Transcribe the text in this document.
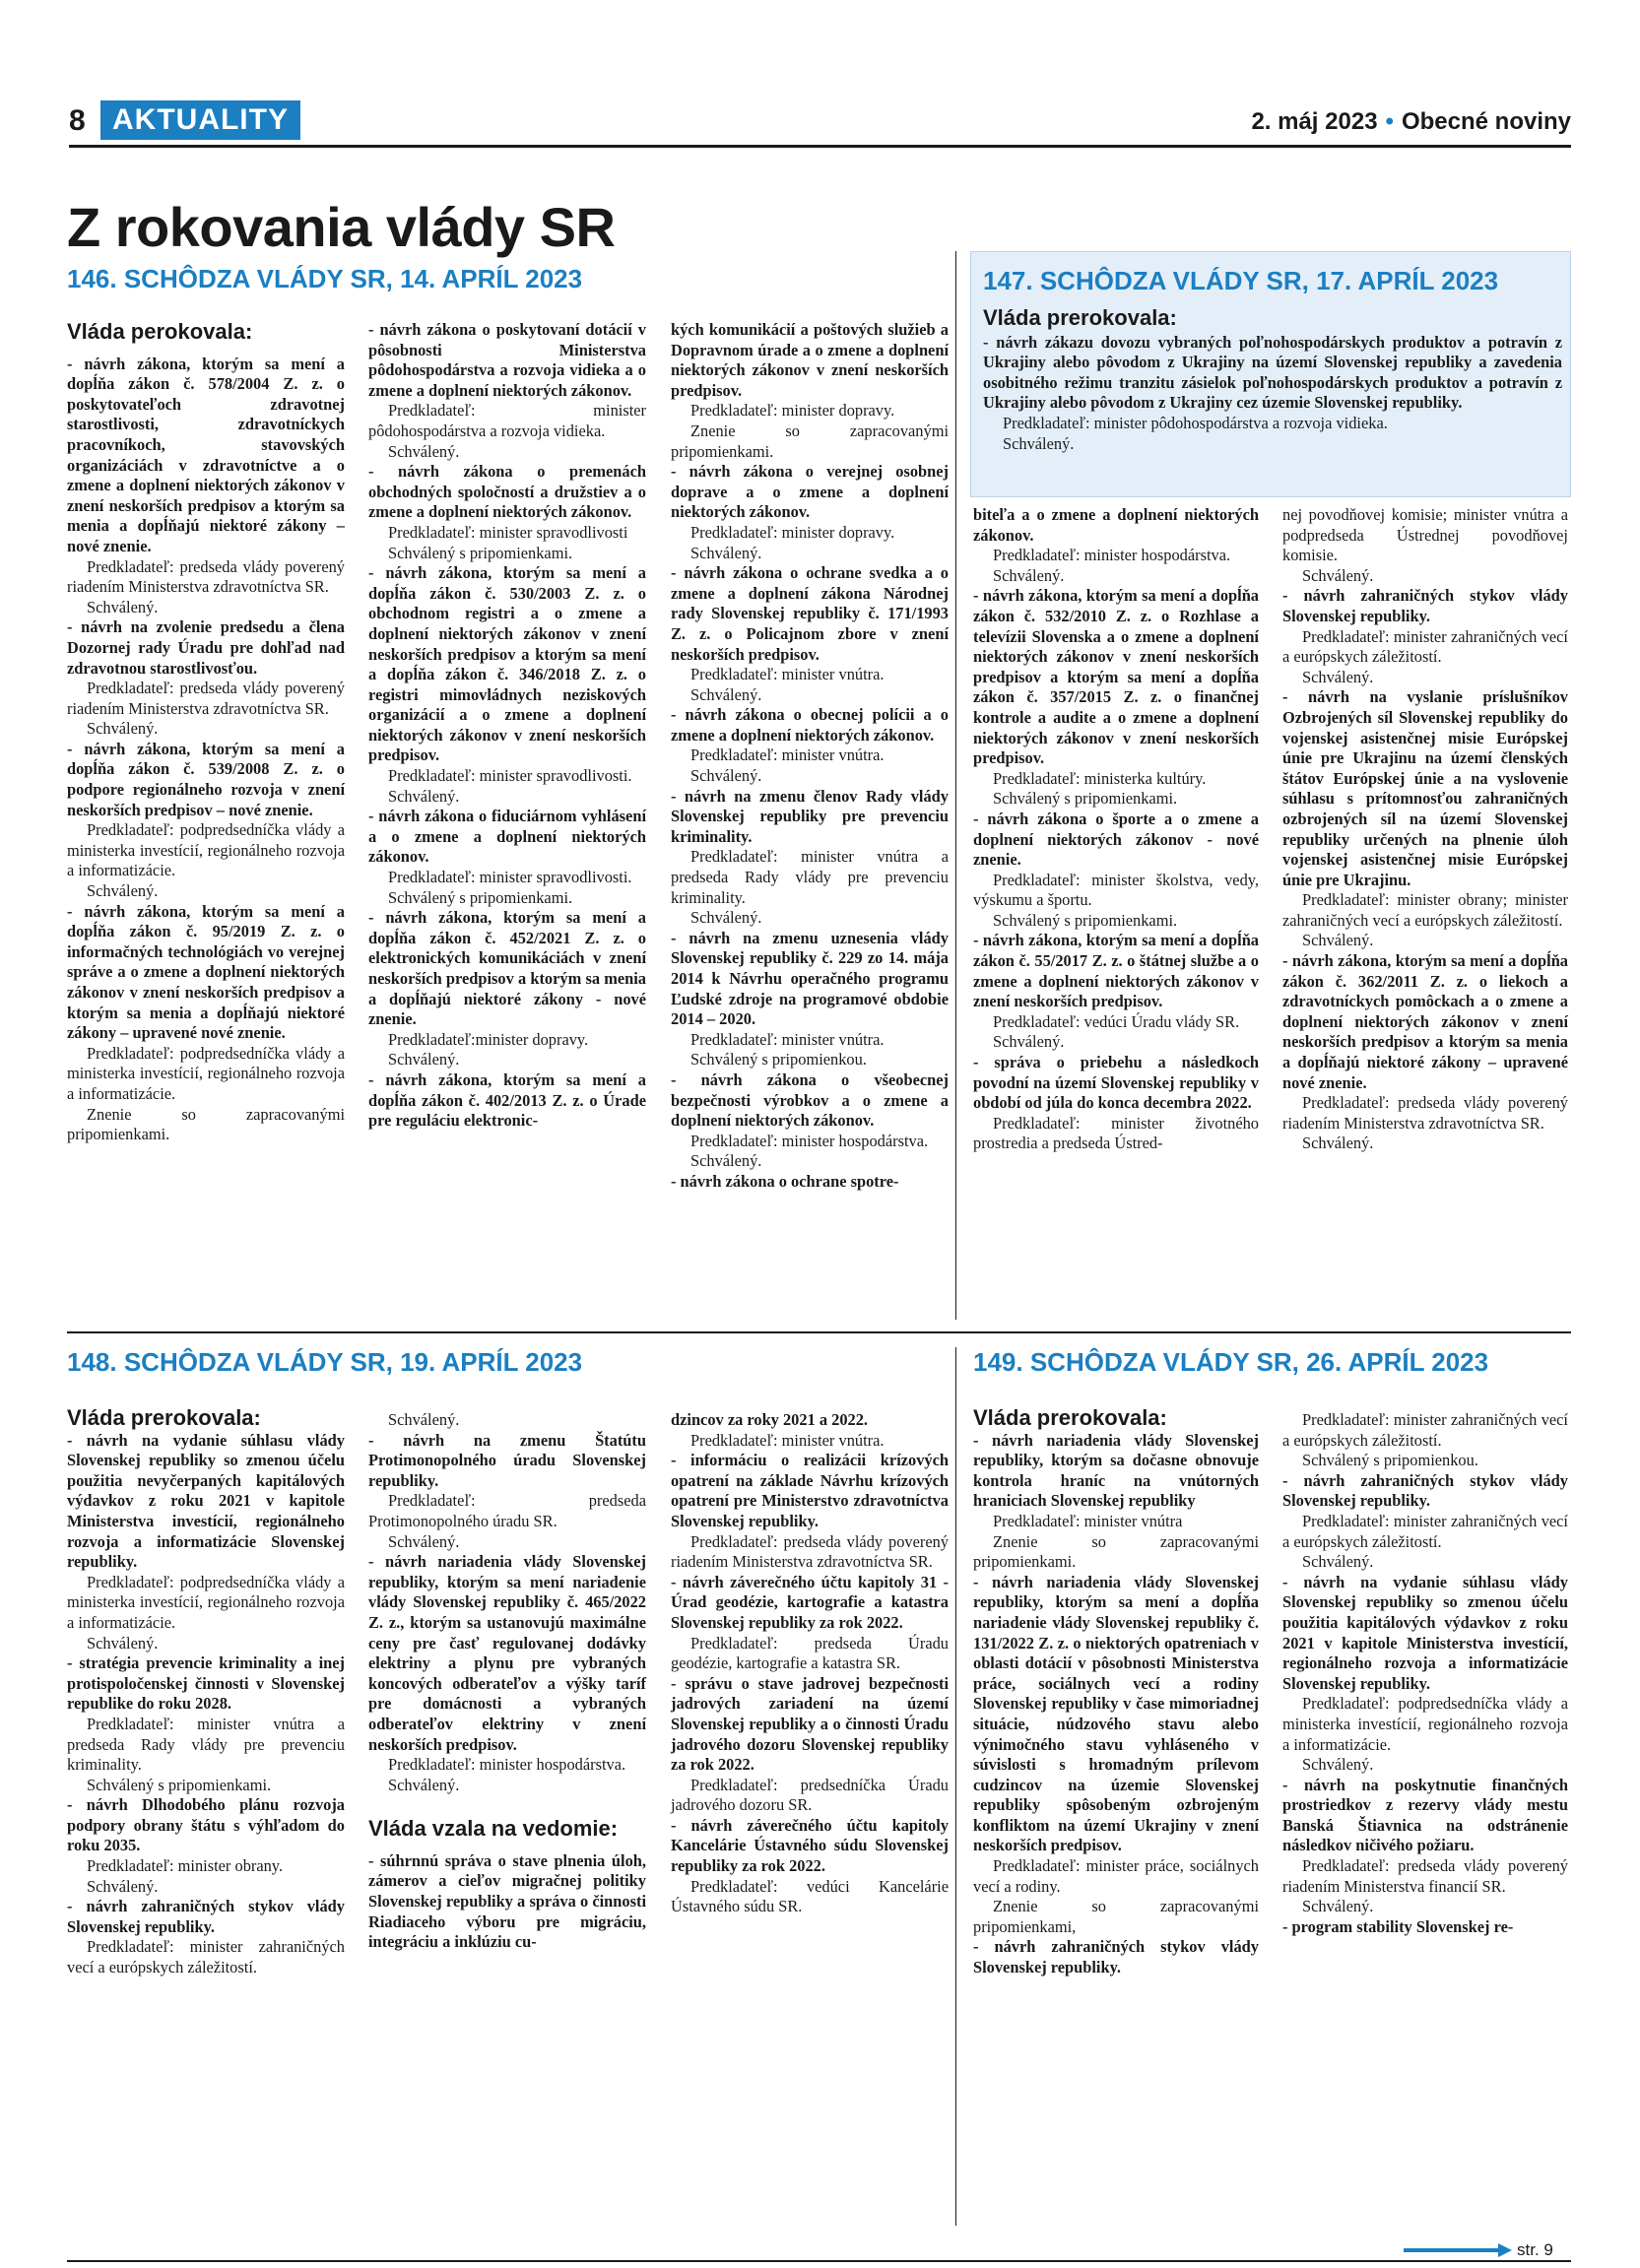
8 AKTUALITY	2. máj 2023 • Obecné noviny
Z rokovania vlády SR
146. SCHÔDZA VLÁDY SR, 14. APRÍL 2023
Vláda perokovala:

- návrh zákona, ktorým sa mení a dopĺňa zákon č. 578/2004 Z. z. o poskytovateľoch zdravotnej starostlivosti, zdravotníckych pracovníkoch, stavovských organizáciách v zdravotníctve a o zmene a doplnení niektorých zákonov v znení neskorších predpisov a ktorým sa menia a dopĺňajú niektoré zákony – nové znenie.

Predkladateľ: predseda vlády poverený riadením Ministerstva zdravotníctva SR.

Schválený.

- návrh na zvolenie predsedu a člena Dozornej rady Úradu pre dohľad nad zdravotnou starostlivosťou.

Predkladateľ: predseda vlády poverený riadením Ministerstva zdravotníctva SR.

Schválený.

- návrh zákona, ktorým sa mení a dopĺňa zákon č. 539/2008 Z. z. o podpore regionálneho rozvoja v znení neskorších predpisov – nové znenie.

Predkladateľ: podpredsedníčka vlády a ministerka investícií, regionálneho rozvoja a informatizácie.

Schválený.

- návrh zákona, ktorým sa mení a dopĺňa zákon č. 95/2019 Z. z. o informačných technológiách vo verejnej správe a o zmene a doplnení niektorých zákonov v znení neskorších predpisov a ktorým sa menia a dopĺňajú niektoré zákony – upravené nové znenie.

Predkladateľ: podpredsedníčka vlády a ministerka investícií, regionálneho rozvoja a informatizácie.

Znenie so zapracovanými pripomienkami.

- návrh zákona o poskytovaní dotácií v pôsobnosti Ministerstva pôdohospodárstva a rozvoja vidieka a o zmene a doplnení niektorých zákonov.

Predkladateľ: minister pôdohospodárstva a rozvoja vidieka.

Schválený.

- návrh zákona o premenách obchodných spoločností a družstiev a o zmene a doplnení niektorých zákonov.

Predkladateľ: minister spravodlivosti

Schválený s pripomienkami.

- návrh zákona, ktorým sa mení a dopĺňa zákon č. 530/2003 Z. z. o obchodnom registri a o zmene a doplnení niektorých zákonov v znení neskorších predpisov a ktorým sa mení a dopĺňa zákon č. 346/2018 Z. z. o registri mimovládnych neziskových organizácií a o zmene a doplnení niektorých zákonov v znení neskorších predpisov.

Predkladateľ: minister spravodlivosti.

Schválený.

- návrh zákona o fiduciárnom vyhlásení a o zmene a doplnení niektorých zákonov.

Predkladateľ: minister spravodlivosti.

Schválený s pripomienkami.

- návrh zákona, ktorým sa mení a dopĺňa zákon č. 452/2021 Z. z. o elektronických komunikáciách v znení neskorších predpisov a ktorým sa menia a dopĺňajú niektoré zákony - nové znenie.

Predkladateľ:minister dopravy.

Schválený.

- návrh zákona, ktorým sa mení a dopĺňa zákon č. 402/2013 Z. z. o Úrade pre reguláciu elektronic-

kých komunikácií a poštových služieb a Dopravnom úrade a o zmene a doplnení niektorých zákonov v znení neskorších predpisov.

Predkladateľ: minister dopravy.

Znenie so zapracovanými pripomienkami.

- návrh zákona o verejnej osobnej doprave a o zmene a doplnení niektorých zákonov.

Predkladateľ: minister dopravy.

Schválený.

- návrh zákona o ochrane svedka a o zmene a doplnení zákona Národnej rady Slovenskej republiky č. 171/1993 Z. z. o Policajnom zbore v znení neskorších predpisov.

Predkladateľ: minister vnútra.

Schválený.

- návrh zákona o obecnej polícii a o zmene a doplnení niektorých zákonov.

Predkladateľ: minister vnútra.

Schválený.

- návrh na zmenu členov Rady vlády Slovenskej republiky pre prevenciu kriminality.

Predkladateľ: minister vnútra a predseda Rady vlády pre prevenciu kriminality.

Schválený.

- návrh na zmenu uznesenia vlády Slovenskej republiky č. 229 zo 14. mája 2014 k Návrhu operačného programu Ľudské zdroje na programové obdobie 2014 – 2020.

Predkladateľ: minister vnútra.

Schválený s pripomienkou.

- návrh zákona o všeobecnej bezpečnosti výrobkov a o zmene a doplnení niektorých zákonov.

Predkladateľ: minister hospodárstva.

Schválený.

- návrh zákona o ochrane spotre-

147. SCHÔDZA VLÁDY SR, 17. APRÍL 2023
Vláda prerokovala:

- návrh zákazu dovozu vybraných poľnohospodárskych produktov a potravín z Ukrajiny alebo pôvodom z Ukrajiny na území Slovenskej republiky a zavedenia osobitného režimu tranzitu zásielok poľnohospodárskych produktov a potravín z Ukrajiny alebo pôvodom z Ukrajiny cez územie Slovenskej republiky.

Predkladateľ: minister pôdohospodárstva a rozvoja vidieka.

Schválený.

biteľa a o zmene a doplnení niektorých zákonov.

Predkladateľ: minister hospodárstva.

Schválený.

- návrh zákona, ktorým sa mení a dopĺňa zákon č. 532/2010 Z. z. o Rozhlase a televízii Slovenska a o zmene a doplnení niektorých zákonov v znení neskorších predpisov a ktorým sa mení a dopĺňa zákon č. 357/2015 Z. z. o finančnej kontrole a audite a o zmene a doplnení niektorých zákonov v znení neskorších predpisov.

Predkladateľ: ministerka kultúry.

Schválený s pripomienkami.

- návrh zákona o športe a o zmene a doplnení niektorých zákonov - nové znenie.

Predkladateľ: minister školstva, vedy, výskumu a športu.

Schválený s pripomienkami.

- návrh zákona, ktorým sa mení a dopĺňa zákon č. 55/2017 Z. z. o štátnej službe a o zmene a doplnení niektorých zákonov v znení neskorších predpisov.

Predkladateľ: vedúci Úradu vlády SR.

Schválený.

- správa o priebehu a následkoch povodní na území Slovenskej republiky v období od júla do konca decembra 2022.

Predkladateľ: minister životného prostredia a predseda Ústred-

nej povodňovej komisie; minister vnútra a podpredseda Ústrednej povodňovej komisie.

Schválený.

- návrh zahraničných stykov vlády Slovenskej republiky.

Predkladateľ: minister zahraničných vecí a európskych záležitostí.

Schválený.

- návrh na vyslanie príslušníkov Ozbrojených síl Slovenskej republiky do vojenskej asistenčnej misie Európskej únie pre Ukrajinu na území členských štátov Európskej únie a na vyslovenie súhlasu s prítomnosťou zahraničných ozbrojených síl na území Slovenskej republiky určených na plnenie úloh vojenskej asistenčnej misie Európskej únie pre Ukrajinu.

Predkladateľ: minister obrany; minister zahraničných vecí a európskych záležitostí.

Schválený.

- návrh zákona, ktorým sa mení a dopĺňa zákon č. 362/2011 Z. z. o liekoch a zdravotníckych pomôckach a o zmene a doplnení niektorých zákonov v znení neskorších predpisov a ktorým sa menia a dopĺňajú niektoré zákony – upravené nové znenie.

Predkladateľ: predseda vlády poverený riadením Ministerstva zdravotníctva SR.

Schválený.

148. SCHÔDZA VLÁDY SR, 19. APRÍL 2023
Vláda prerokovala:

- návrh na vydanie súhlasu vlády Slovenskej republiky so zmenou účelu použitia nevyčerpaných kapitálových výdavkov z roku 2021 v kapitole Ministerstva investícií, regionálneho rozvoja a informatizácie Slovenskej republiky.

Predkladateľ: podpredsedníčka vlády a ministerka investícií, regionálneho rozvoja a informatizácie.

Schválený.

- stratégia prevencie kriminality a inej protispoločenskej činnosti v Slovenskej republike do roku 2028.

Predkladateľ: minister vnútra a predseda Rady vlády pre prevenciu kriminality.

Schválený s pripomienkami.

- návrh Dlhodobého plánu rozvoja podpory obrany štátu s výhľadom do roku 2035.

Predkladateľ: minister obrany.

Schválený.

- návrh zahraničných stykov vlády Slovenskej republiky.

Predkladateľ: minister zahraničných vecí a európskych záležitostí.

Schválený.

- návrh na zmenu Štatútu Protimonopolného úradu Slovenskej republiky.

Predkladateľ: predseda Protimonopolného úradu SR.

Schválený.

- návrh nariadenia vlády Slovenskej republiky, ktorým sa mení nariadenie vlády Slovenskej republiky č. 465/2022 Z. z., ktorým sa ustanovujú maximálne ceny pre časť regulovanej dodávky elektriny a plynu pre vybraných koncových odberateľov a výšky taríf pre domácnosti a vybraných odberateľov elektriny v znení neskorších predpisov.

Predkladateľ: minister hospodárstva.

Schválený.

Vláda vzala na vedomie:

- súhrnnú správa o stave plnenia úloh, zámerov a cieľov migračnej politiky Slovenskej republiky a správa o činnosti Riadiaceho výboru pre migráciu, integráciu a inklúziu cu-

dzincov za roky 2021 a 2022.

Predkladateľ: minister vnútra.

- informáciu o realizácii krízových opatrení na základe Návrhu krízových opatrení pre Ministerstvo zdravotníctva Slovenskej republiky.

Predkladateľ: predseda vlády poverený riadením Ministerstva zdravotníctva SR.

- návrh záverečného účtu kapitoly 31 - Úrad geodézie, kartografie a katastra Slovenskej republiky za rok 2022.

Predkladateľ: predseda Úradu geodézie, kartografie a katastra SR.

- správu o stave jadrovej bezpečnosti jadrových zariadení na území Slovenskej republiky a o činnosti Úradu jadrového dozoru Slovenskej republiky za rok 2022.

Predkladateľ: predsedníčka Úradu jadrového dozoru SR.

- návrh záverečného účtu kapitoly Kancelárie Ústavného súdu Slovenskej republiky za rok 2022.

Predkladateľ: vedúci Kancelárie Ústavného súdu SR.

149. SCHÔDZA VLÁDY SR, 26. APRÍL 2023
Vláda prerokovala:

- návrh nariadenia vlády Slovenskej republiky, ktorým sa dočasne obnovuje kontrola hraníc na vnútorných hraniciach Slovenskej republiky

Predkladateľ: minister vnútra

Znenie so zapracovanými pripomienkami.

- návrh nariadenia vlády Slovenskej republiky, ktorým sa mení a dopĺňa nariadenie vlády Slovenskej republiky č. 131/2022 Z. z. o niektorých opatreniach v oblasti dotácií v pôsobnosti Ministerstva práce, sociálnych vecí a rodiny Slovenskej republiky v čase mimoriadnej situácie, núdzového stavu alebo výnimočného stavu vyhláseného v súvislosti s hromadným prílevom cudzincov na územie Slovenskej republiky spôsobeným ozbrojeným konfliktom na území Ukrajiny v znení neskorších predpisov.

Predkladateľ: minister práce, sociálnych vecí a rodiny.

Znenie so zapracovanými pripomienkami,

- návrh zahraničných stykov vlády Slovenskej republiky.

Predkladateľ: minister zahraničných vecí a európskych záležitostí.

Schválený s pripomienkou.

- návrh zahraničných stykov vlády Slovenskej republiky.

Predkladateľ: minister zahraničných vecí a európskych záležitostí.

Schválený.

- návrh na vydanie súhlasu vlády Slovenskej republiky so zmenou účelu použitia kapitálových výdavkov z roku 2021 v kapitole Ministerstva investícií, regionálneho rozvoja a informatizácie Slovenskej republiky.

Predkladateľ: podpredsedníčka vlády a ministerka investícií, regionálneho rozvoja a informatizácie.

Schválený.

- návrh na poskytnutie finančných prostriedkov z rezervy vlády mestu Banská Štiavnica na odstránenie následkov ničivého požiaru.

Predkladateľ: predseda vlády poverený riadením Ministerstva financií SR.

Schválený.

- program stability Slovenskej re-

str. 9
